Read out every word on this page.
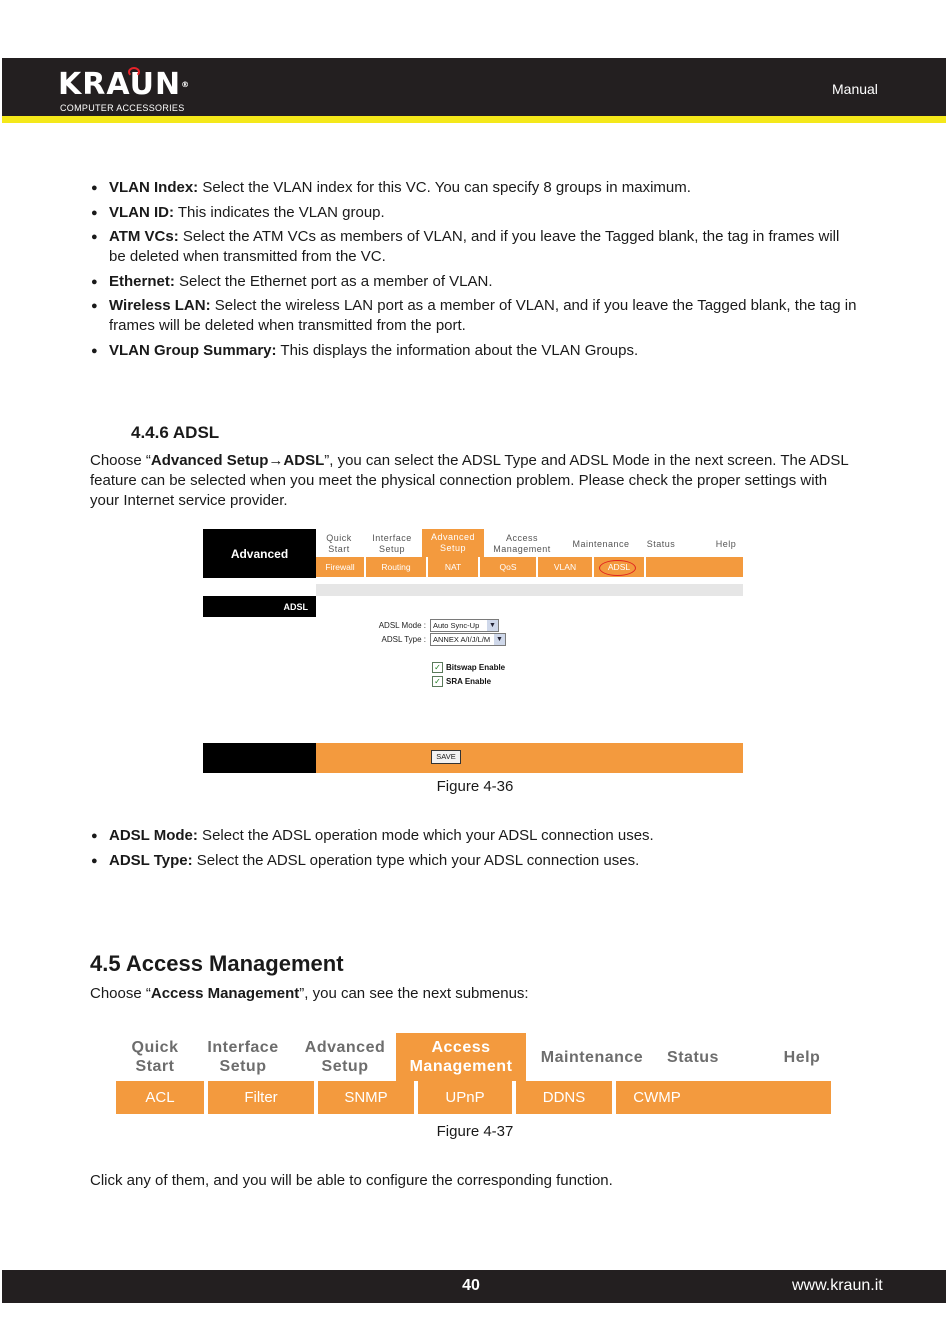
KRAUN®
COMPUTER ACCESSORIES
Manual
● VLAN Index: Select the VLAN index for this VC. You can specify 8 groups in maximum.
● VLAN ID: This indicates the VLAN group.
● ATM VCs: Select the ATM VCs as members of VLAN, and if you leave the Tagged blank, the tag in frames will be deleted when transmitted from the VC.
● Ethernet: Select the Ethernet port as a member of VLAN.
● Wireless LAN: Select the wireless LAN port as a member of VLAN, and if you leave the Tagged blank, the tag in frames will be deleted when transmitted from the port.
● VLAN Group Summary: This displays the information about the VLAN Groups.
4.4.6 ADSL

Choose “Advanced Setup→ADSL”, you can select the ADSL Type and ADSL Mode in the next screen. The ADSL feature can be selected when you meet the physical connection problem. Please check the proper settings with your Internet service provider.

Advanced
Quick
Start
Interface
Setup
Advanced
Setup
Access
Management
Maintenance	Status	Help
Firewall	Routing	NAT	QoS	VLAN	ADSL
ADSL
ADSL Mode : Auto Sync-Up ▼
ADSL Type : ANNEX A/I/J/L/M ▼
✓ Bitswap Enable
✓ SRA Enable
SAVE
Figure 4-36
● ADSL Mode: Select the ADSL operation mode which your ADSL connection uses.
● ADSL Type: Select the ADSL operation type which your ADSL connection uses.
4.5 Access Management

Choose “Access Management”, you can see the next submenus:

Quick
Start
Interface
Setup
Advanced
Setup
Access
Management
Maintenance	Status	Help
ACL	Filter	SNMP	UPnP	DDNS	CWMP
Figure 4-37

Click any of them, and you will be able to configure the corresponding function.

40	www.kraun.it
